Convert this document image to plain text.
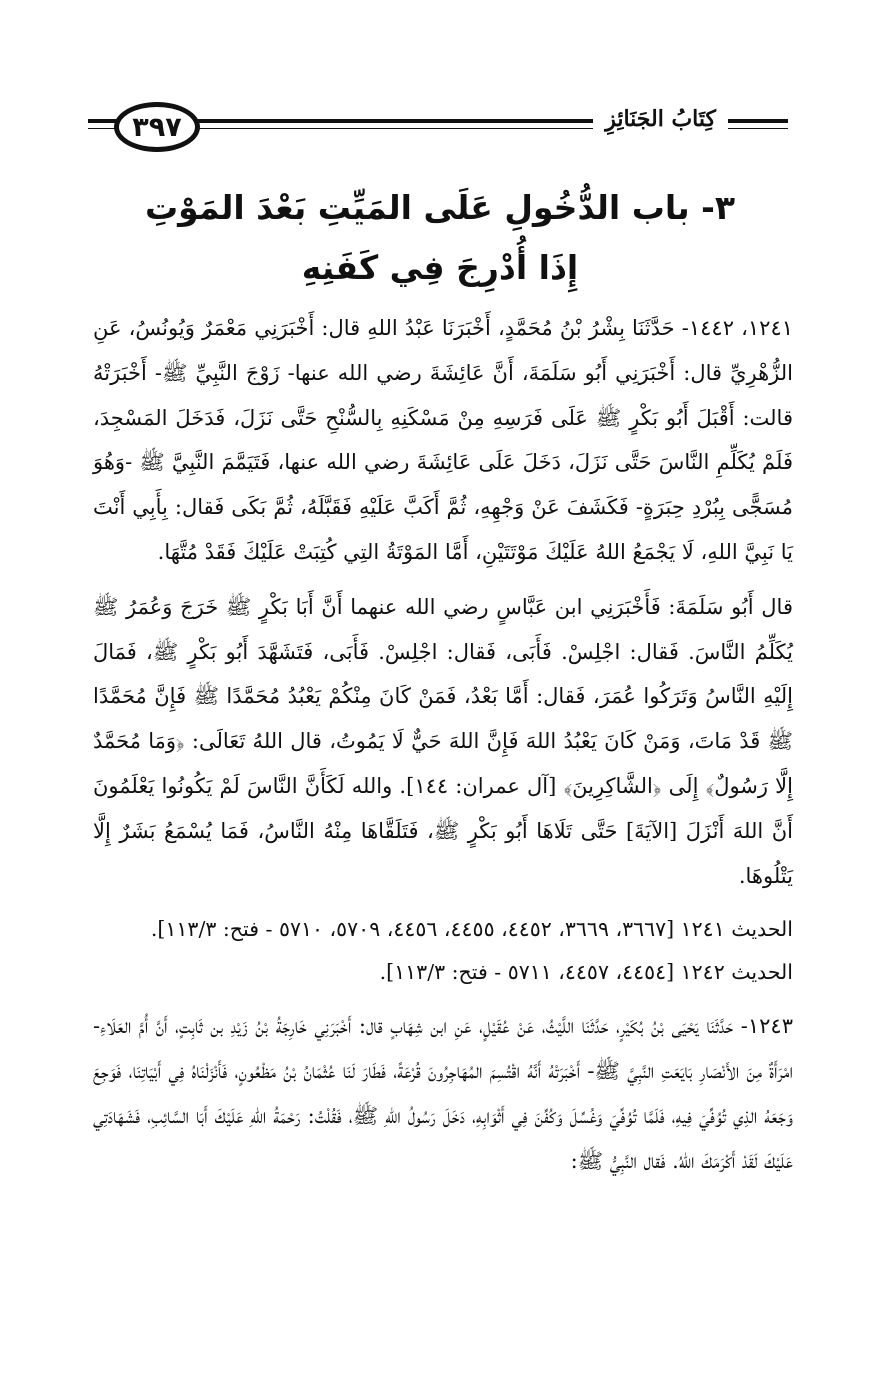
٣٩٧	كِتَابُ الجَنَائِزِ
٣- باب الدُّخُولِ عَلَى المَيِّتِ بَعْدَ المَوْتِ
إِذَا أُدْرِجَ فِي كَفَنِهِ

١٢٤١، ١٤٤٢- حَدَّثَنَا بِشْرُ بْنُ مُحَمَّدٍ، أَخْبَرَنَا عَبْدُ اللهِ قال: أَخْبَرَنِي مَعْمَرٌ وَيُونُسُ، عَنِ الزُّهْرِيِّ قال: أَخْبَرَنِي أَبُو سَلَمَةَ، أَنَّ عَائِشَةَ رضي الله عنها- زَوْجَ النَّبِيِّ ﷺ- أَخْبَرَتْهُ قالت: أَقْبَلَ أَبُو بَكْرٍ ﷺ عَلَى فَرَسِهِ مِنْ مَسْكَنِهِ بِالسُّنْحِ حَتَّى نَزَلَ، فَدَخَلَ المَسْجِدَ، فَلَمْ يُكَلِّمِ النَّاسَ حَتَّى نَزَلَ، دَخَلَ عَلَى عَائِشَةَ رضي الله عنها، فَتَيَمَّمَ النَّبِيَّ ﷺ -وَهُوَ مُسَجًّى بِبُرْدِ حِبَرَةٍ- فَكَشَفَ عَنْ وَجْهِهِ، ثُمَّ أَكَبَّ عَلَيْهِ فَقَبَّلَهُ، ثُمَّ بَكَى فَقال: بِأَبِي أَنْتَ يَا نَبِيَّ اللهِ، لَا يَجْمَعُ اللهُ عَلَيْكَ مَوْتَتَيْنِ، أَمَّا المَوْتَةُ التِي كُتِبَتْ عَلَيْكَ فَقَدْ مُتَّهَا.

قال أَبُو سَلَمَةَ: فَأَخْبَرَنِي ابن عَبَّاسٍ رضي الله عنهما أَنَّ أَبَا بَكْرٍ ﷺ خَرَجَ وَعُمَرُ ﷺ يُكَلِّمُ النَّاسَ. فَقال: اجْلِسْ. فَأَبَى، فَقال: اجْلِسْ. فَأَبَى، فَتَشَهَّدَ أَبُو بَكْرٍ ﷺ، فَمَالَ إِلَيْهِ النَّاسُ وَتَرَكُوا عُمَرَ، فَقال: أَمَّا بَعْدُ، فَمَنْ كَانَ مِنْكُمْ يَعْبُدُ مُحَمَّدًا ﷺ فَإِنَّ مُحَمَّدًا ﷺ قَدْ مَاتَ، وَمَنْ كَانَ يَعْبُدُ اللهَ فَإِنَّ اللهَ حَيٌّ لَا يَمُوتُ، قال اللهُ تَعَالَى: ﴿وَمَا مُحَمَّدٌ إِلَّا رَسُولٌ﴾ إِلَى ﴿الشَّاكِرِينَ﴾ [آل عمران: ١٤٤]. والله لَكَأَنَّ النَّاسَ لَمْ يَكُونُوا يَعْلَمُونَ أَنَّ اللهَ أَنْزَلَ [الآيَةَ] حَتَّى تَلَاهَا أَبُو بَكْرٍ ﷺ، فَتَلَقَّاهَا مِنْهُ النَّاسُ، فَمَا يُسْمَعُ بَشَرٌ إِلَّا يَتْلُوهَا.

الحديث ١٢٤١ [٣٦٦٧، ٣٦٦٩، ٤٤٥٢، ٤٤٥٥، ٤٤٥٦، ٥٧٠٩، ٥٧١٠ - فتح: ١١٣/٣].

الحديث ١٢٤٢ [٤٤٥٤، ٤٤٥٧، ٥٧١١ - فتح: ١١٣/٣].

١٢٤٣- حَدَّثَنَا يَحْيَى بْنُ بُكَيْرٍ، حَدَّثَنَا اللَّيْثُ، عَنْ عُقَيْلٍ، عَنِ ابن شِهَابٍ قال: أَخْبَرَنِي خَارِجَةُ بْنُ زَيْدِ بن ثَابِتٍ، أَنَّ أُمَّ العَلَاءِ- امْرَأَةٌ مِنَ الأَنْصَارِ بَايَعَتِ النَّبِيَّ ﷺ- أَخْبَرَتْهُ أَنَّهُ اقْتُسِمَ المُهَاجِرُونَ قُرْعَةً، فَطَارَ لَنَا عُثْمَانُ بْنُ مَظْعُونٍ، فَأَنْزَلْنَاهُ فِي أَبْيَاتِنَا، فَوَجِعَ وَجَعَهُ الذِي تُوُفِّيَ فِيهِ، فَلَمَّا تُوُفِّيَ وَغُسِّلَ وَكُفِّنَ فِي أَثْوَابِهِ، دَخَلَ رَسُولُ اللهِ ﷺ، فَقُلْتُ: رَحْمَةُ اللهِ عَلَيْكَ أَبَا السَّائِبِ، فَشَهَادَتِي عَلَيْكَ لَقَدْ أَكْرَمَكَ اللهُ. فَقال النَّبِيُّ ﷺ:
